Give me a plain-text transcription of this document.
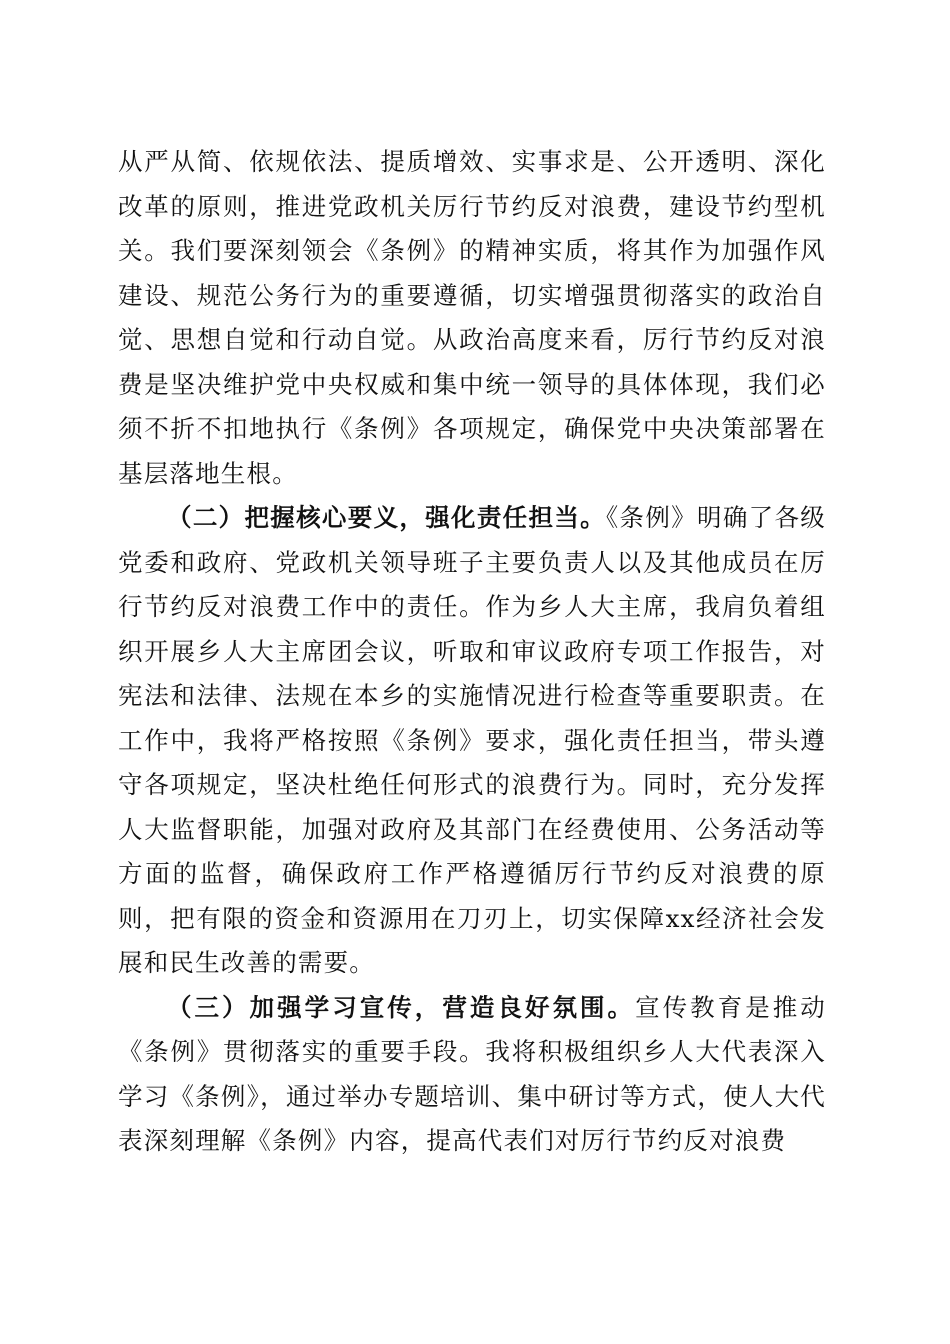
从严从简、依规依法、提质增效、实事求是、公开透明、深化改革的原则，推进党政机关厉行节约反对浪费，建设节约型机关。我们要深刻领会《条例》的精神实质，将其作为加强作风建设、规范公务行为的重要遵循，切实增强贯彻落实的政治自觉、思想自觉和行动自觉。从政治高度来看，厉行节约反对浪费是坚决维护党中央权威和集中统一领导的具体体现，我们必须不折不扣地执行《条例》各项规定，确保党中央决策部署在基层落地生根。

（二）把握核心要义，强化责任担当。《条例》明确了各级党委和政府、党政机关领导班子主要负责人以及其他成员在厉行节约反对浪费工作中的责任。作为乡人大主席，我肩负着组织开展乡人大主席团会议，听取和审议政府专项工作报告，对宪法和法律、法规在本乡的实施情况进行检查等重要职责。在工作中，我将严格按照《条例》要求，强化责任担当，带头遵守各项规定，坚决杜绝任何形式的浪费行为。同时，充分发挥人大监督职能，加强对政府及其部门在经费使用、公务活动等方面的监督，确保政府工作严格遵循厉行节约反对浪费的原则，把有限的资金和资源用在刀刃上，切实保障xx经济社会发展和民生改善的需要。

（三）加强学习宣传，营造良好氛围。宣传教育是推动《条例》贯彻落实的重要手段。我将积极组织乡人大代表深入学习《条例》，通过举办专题培训、集中研讨等方式，使人大代表深刻理解《条例》内容，提高代表们对厉行节约反对浪费
